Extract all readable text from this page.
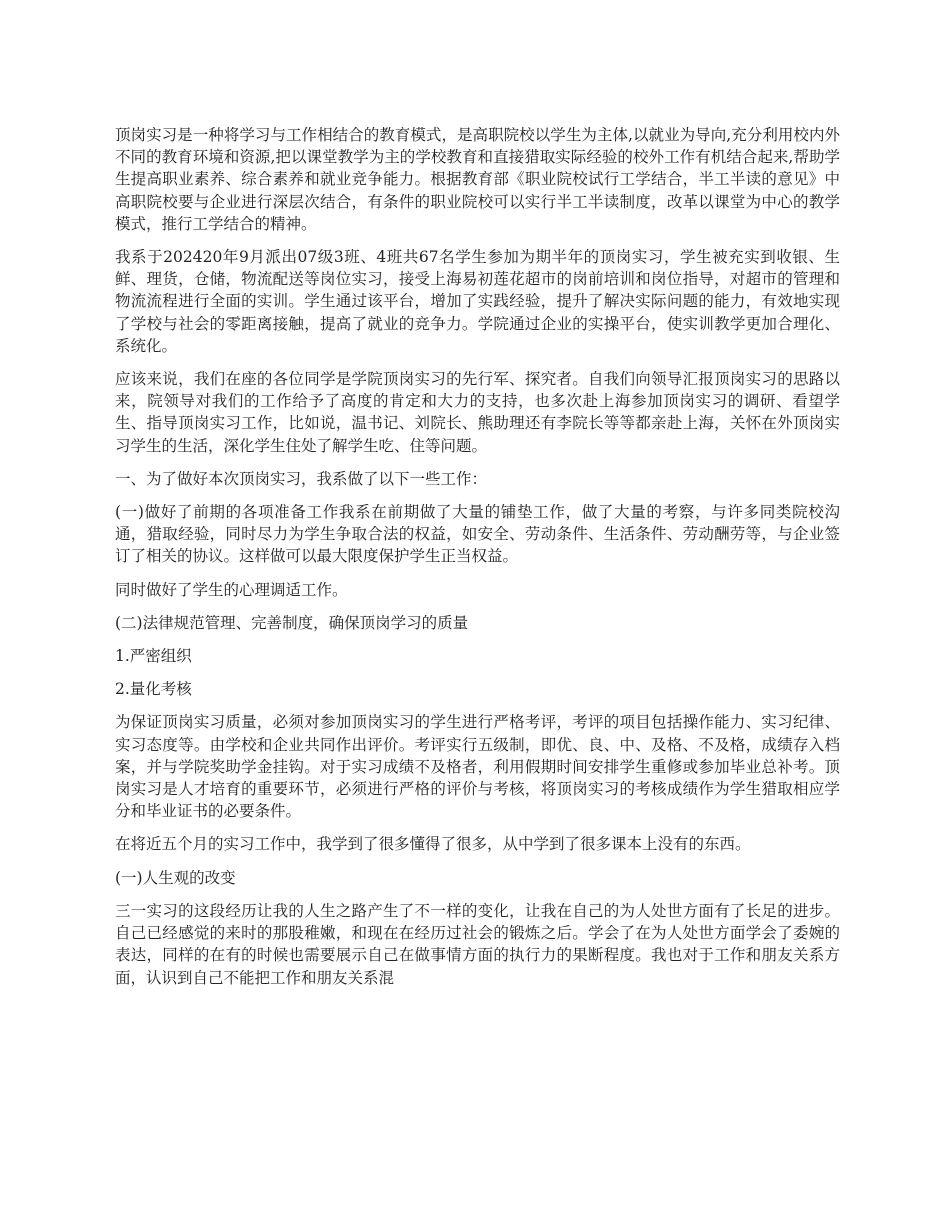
顶岗实习是一种将学习与工作相结合的教育模式，是高职院校以学生为主体,以就业为导向,充分利用校内外不同的教育环境和资源,把以课堂教学为主的学校教育和直接猎取实际经验的校外工作有机结合起来,帮助学生提高职业素养、综合素养和就业竞争能力。根据教育部《职业院校试行工学结合，半工半读的意见》中高职院校要与企业进行深层次结合，有条件的职业院校可以实行半工半读制度，改革以课堂为中心的教学模式，推行工学结合的精神。

我系于202420年9月派出07级3班、4班共67名学生参加为期半年的顶岗实习，学生被充实到收银、生鲜、理货，仓储，物流配送等岗位实习，接受上海易初莲花超市的岗前培训和岗位指导，对超市的管理和物流流程进行全面的实训。学生通过该平台，增加了实践经验，提升了解决实际问题的能力，有效地实现了学校与社会的零距离接触，提高了就业的竞争力。学院通过企业的实操平台，使实训教学更加合理化、系统化。

应该来说，我们在座的各位同学是学院顶岗实习的先行军、探究者。自我们向领导汇报顶岗实习的思路以来，院领导对我们的工作给予了高度的肯定和大力的支持，也多次赴上海参加顶岗实习的调研、看望学生、指导顶岗实习工作，比如说，温书记、刘院长、熊助理还有李院长等等都亲赴上海，关怀在外顶岗实习学生的生活，深化学生住处了解学生吃、住等问题。

一、为了做好本次顶岗实习，我系做了以下一些工作：

(一)做好了前期的各项准备工作我系在前期做了大量的铺垫工作，做了大量的考察，与许多同类院校沟通，猎取经验，同时尽力为学生争取合法的权益，如安全、劳动条件、生活条件、劳动酬劳等，与企业签订了相关的协议。这样做可以最大限度保护学生正当权益。

同时做好了学生的心理调适工作。

(二)法律规范管理、完善制度，确保顶岗学习的质量

1.严密组织

2.量化考核

为保证顶岗实习质量，必须对参加顶岗实习的学生进行严格考评，考评的项目包括操作能力、实习纪律、实习态度等。由学校和企业共同作出评价。考评实行五级制，即优、良、中、及格、不及格，成绩存入档案，并与学院奖助学金挂钩。对于实习成绩不及格者，利用假期时间安排学生重修或参加毕业总补考。顶岗实习是人才培育的重要环节，必须进行严格的评价与考核，将顶岗实习的考核成绩作为学生猎取相应学分和毕业证书的必要条件。

在将近五个月的实习工作中，我学到了很多懂得了很多，从中学到了很多课本上没有的东西。

(一)人生观的改变

三一实习的这段经历让我的人生之路产生了不一样的变化，让我在自己的为人处世方面有了长足的进步。自己已经感觉的来时的那股稚嫩，和现在在经历过社会的锻炼之后。学会了在为人处世方面学会了委婉的表达，同样的在有的时候也需要展示自己在做事情方面的执行力的果断程度。我也对于工作和朋友关系方面，认识到自己不能把工作和朋友关系混
